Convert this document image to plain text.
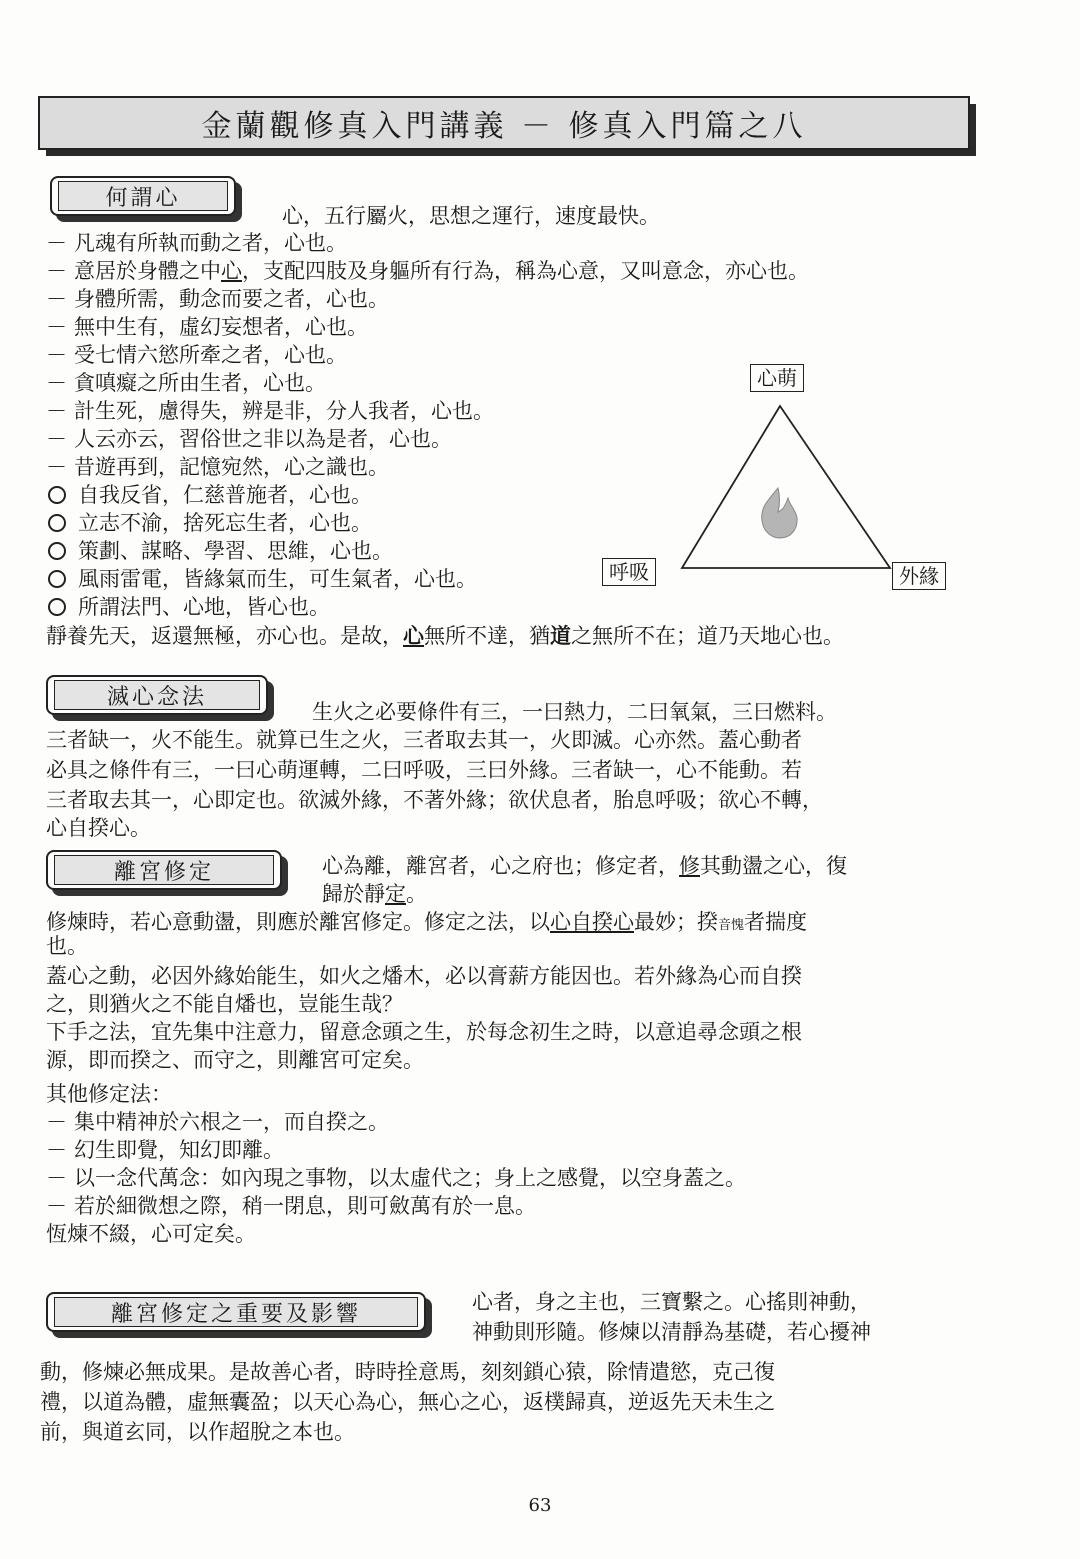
金蘭觀修真入門講義 － 修真入門篇之八
何謂心
心，五行屬火，思想之運行，速度最快。
－ 凡魂有所執而動之者，心也。
－ 意居於身體之中心，支配四肢及身軀所有行為，稱為心意，又叫意念，亦心也。
－ 身體所需，動念而要之者，心也。
－ 無中生有，虛幻妄想者，心也。
－ 受七情六慾所牽之者，心也。
－ 貪嗔癡之所由生者，心也。
－ 計生死，慮得失，辨是非，分人我者，心也。
－ 人云亦云，習俗世之非以為是者，心也。
－ 昔遊再到，記憶宛然，心之識也。
自我反省，仁慈普施者，心也。
立志不渝，捨死忘生者，心也。
策劃、謀略、學習、思維，心也。
風雨雷電，皆緣氣而生，可生氣者，心也。
所謂法門、心地，皆心也。
靜養先天，返還無極，亦心也。是故，心無所不達，猶道之無所不在；道乃天地心也。
心萌
呼吸	外緣
滅心念法
生火之必要條件有三，一曰熱力，二曰氧氣，三曰燃料。
三者缺一，火不能生。就算已生之火，三者取去其一，火即滅。心亦然。蓋心動者
必具之條件有三，一曰心萌運轉，二曰呼吸，三曰外緣。三者缺一，心不能動。若
三者取去其一，心即定也。欲滅外緣，不著外緣；欲伏息者，胎息呼吸；欲心不轉，
心自揆心。
離宮修定	心為離，離宮者，心之府也；修定者，修其動盪之心，復
歸於靜定。
修煉時，若心意動盪，則應於離宮修定。修定之法，以心自揆心最妙；揆音愧者揣度
也。
蓋心之動，必因外緣始能生，如火之燔木，必以膏薪方能因也。若外緣為心而自揆
之，則猶火之不能自燔也，豈能生哉？
下手之法，宜先集中注意力，留意念頭之生，於每念初生之時，以意追尋念頭之根
源，即而揆之、而守之，則離宮可定矣。
其他修定法：
－ 集中精神於六根之一，而自揆之。
－ 幻生即覺，知幻即離。
－ 以一念代萬念：如內現之事物，以太虛代之；身上之感覺，以空身蓋之。
－ 若於細微想之際，稍一閉息，則可斂萬有於一息。
恆煉不綴，心可定矣。
離宮修定之重要及影響	心者，身之主也，三寶繫之。心搖則神動，
神動則形隨。修煉以清靜為基礎，若心擾神
動，修煉必無成果。是故善心者，時時拴意馬，刻刻鎖心猿，除情遣慾，克己復
禮，以道為體，虛無囊盈；以天心為心，無心之心，返樸歸真，逆返先天未生之
前，與道玄同，以作超脫之本也。
63
